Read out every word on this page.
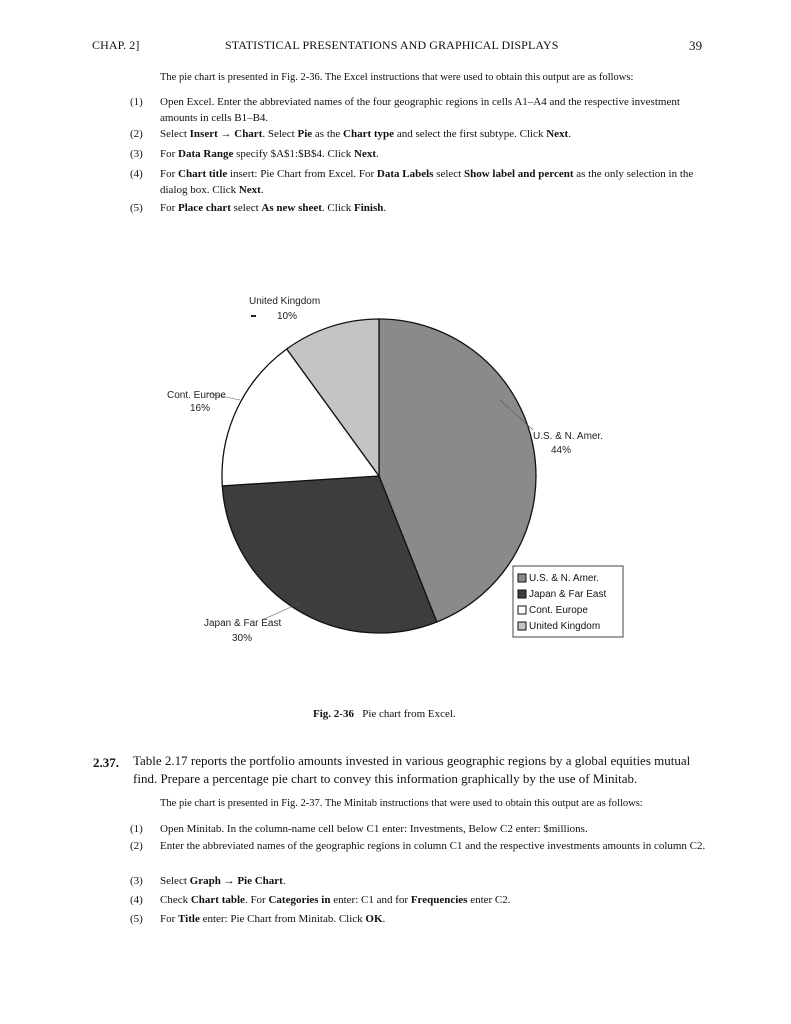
CHAP. 2]	STATISTICAL PRESENTATIONS AND GRAPHICAL DISPLAYS	39
The pie chart is presented in Fig. 2-36. The Excel instructions that were used to obtain this output are as follows:
(1) Open Excel. Enter the abbreviated names of the four geographic regions in cells A1–A4 and the respective investment amounts in cells B1–B4.
(2) Select Insert → Chart. Select Pie as the Chart type and select the first subtype. Click Next.
(3) For Data Range specify $A$1:$B$4. Click Next.
(4) For Chart title insert: Pie Chart from Excel. For Data Labels select Show label and percent as the only selection in the dialog box. Click Next.
(5) For Place chart select As new sheet. Click Finish.
U.S. & N. Amer.
44%
Japan & Far East
30%
Cont. Europe
16%
United Kingdom
10%
U.S. & N. Amer.
Japan & Far East
Cont. Europe
United Kingdom
Fig. 2-36 Pie chart from Excel.
2.37. Table 2.17 reports the portfolio amounts invested in various geographic regions by a global equities mutual find. Prepare a percentage pie chart to convey this information graphically by the use of Minitab.
The pie chart is presented in Fig. 2-37. The Minitab instructions that were used to obtain this output are as follows:
(1) Open Minitab. In the column-name cell below C1 enter: Investments, Below C2 enter: $millions.
(2) Enter the abbreviated names of the geographic regions in column C1 and the respective investments amounts in column C2.
(3) Select Graph → Pie Chart.
(4) Check Chart table. For Categories in enter: C1 and for Frequencies enter C2.
(5) For Title enter: Pie Chart from Minitab. Click OK.
